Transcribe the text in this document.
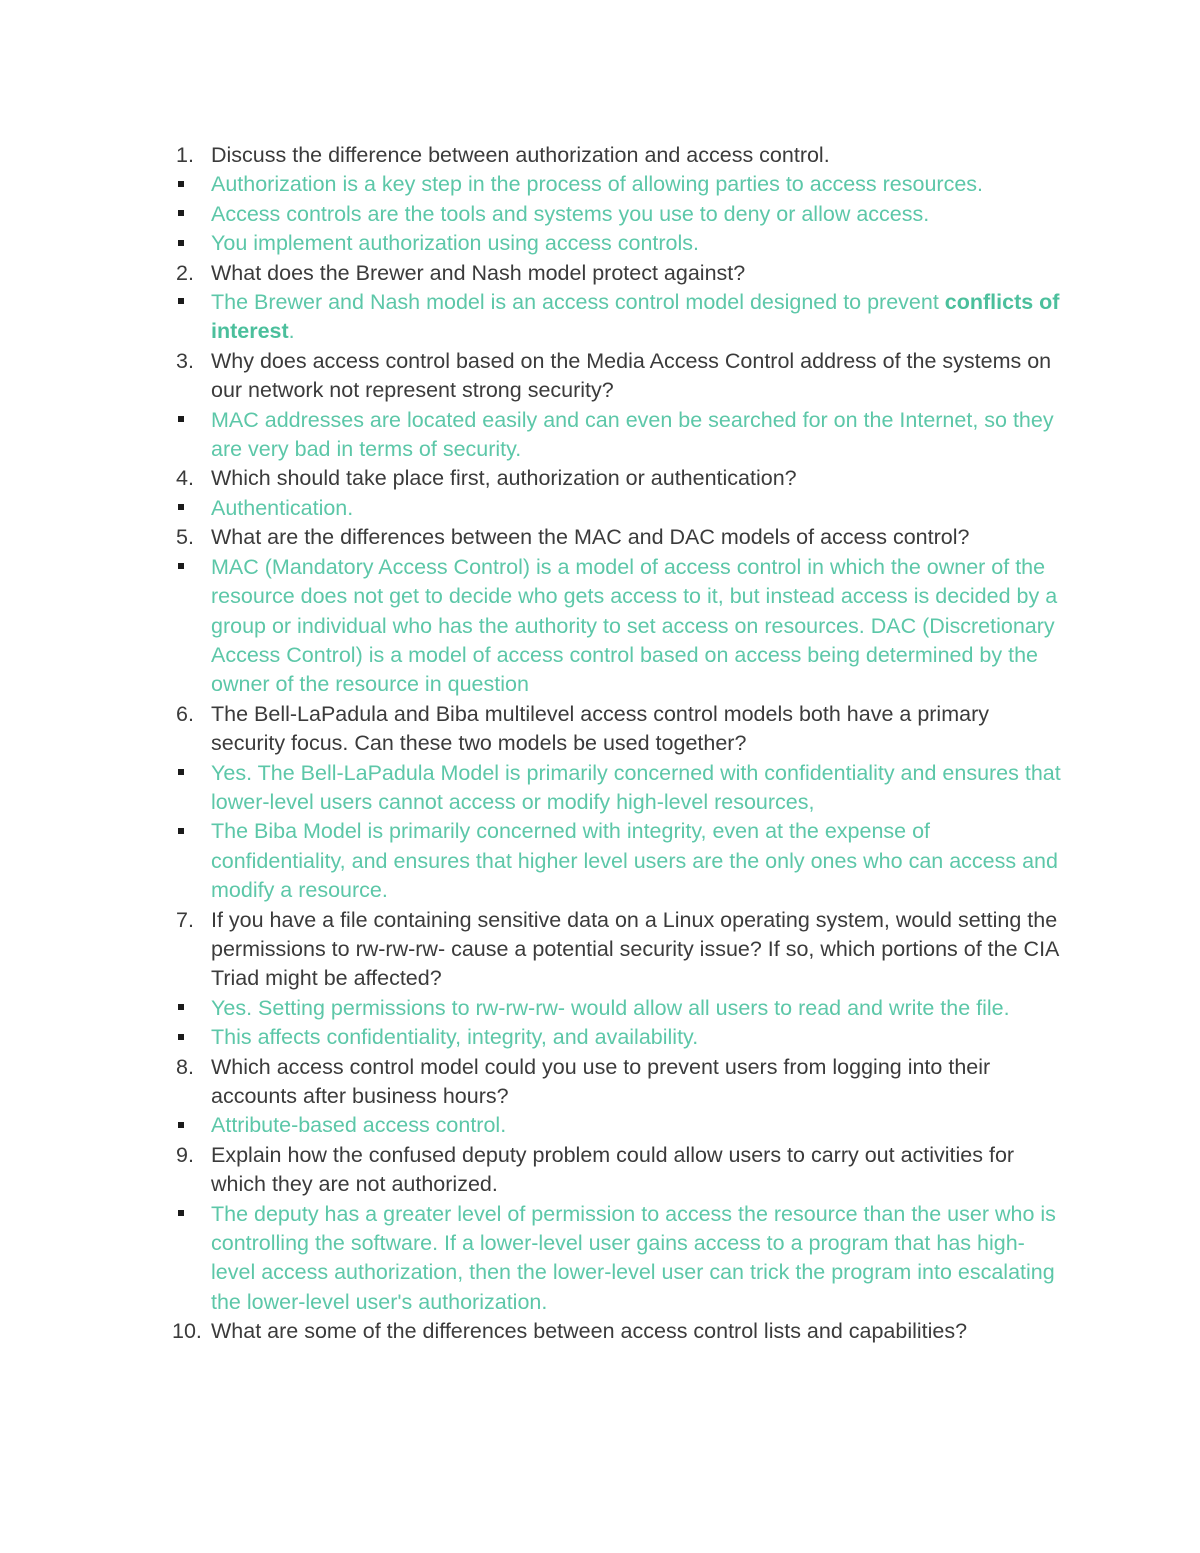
1. Discuss the difference between authorization and access control.
Authorization is a key step in the process of allowing parties to access resources.
Access controls are the tools and systems you use to deny or allow access.
You implement authorization using access controls.
2. What does the Brewer and Nash model protect against?
The Brewer and Nash model is an access control model designed to prevent conflicts of interest.
3. Why does access control based on the Media Access Control address of the systems on our network not represent strong security?
MAC addresses are located easily and can even be searched for on the Internet, so they are very bad in terms of security.
4. Which should take place first, authorization or authentication?
Authentication.
5. What are the differences between the MAC and DAC models of access control?
MAC (Mandatory Access Control) is a model of access control in which the owner of the resource does not get to decide who gets access to it, but instead access is decided by a group or individual who has the authority to set access on resources. DAC (Discretionary Access Control) is a model of access control based on access being determined by the owner of the resource in question
6. The Bell-LaPadula and Biba multilevel access control models both have a primary security focus. Can these two models be used together?
Yes. The Bell-LaPadula Model is primarily concerned with confidentiality and ensures that lower-level users cannot access or modify high-level resources,
The Biba Model is primarily concerned with integrity, even at the expense of confidentiality, and ensures that higher level users are the only ones who can access and modify a resource.
7. If you have a file containing sensitive data on a Linux operating system, would setting the permissions to rw-rw-rw- cause a potential security issue? If so, which portions of the CIA Triad might be affected?
Yes. Setting permissions to rw-rw-rw- would allow all users to read and write the file.
This affects confidentiality, integrity, and availability.
8. Which access control model could you use to prevent users from logging into their accounts after business hours?
Attribute-based access control.
9. Explain how the confused deputy problem could allow users to carry out activities for which they are not authorized.
The deputy has a greater level of permission to access the resource than the user who is controlling the software. If a lower-level user gains access to a program that has high-level access authorization, then the lower-level user can trick the program into escalating the lower-level user's authorization.
10. What are some of the differences between access control lists and capabilities?
